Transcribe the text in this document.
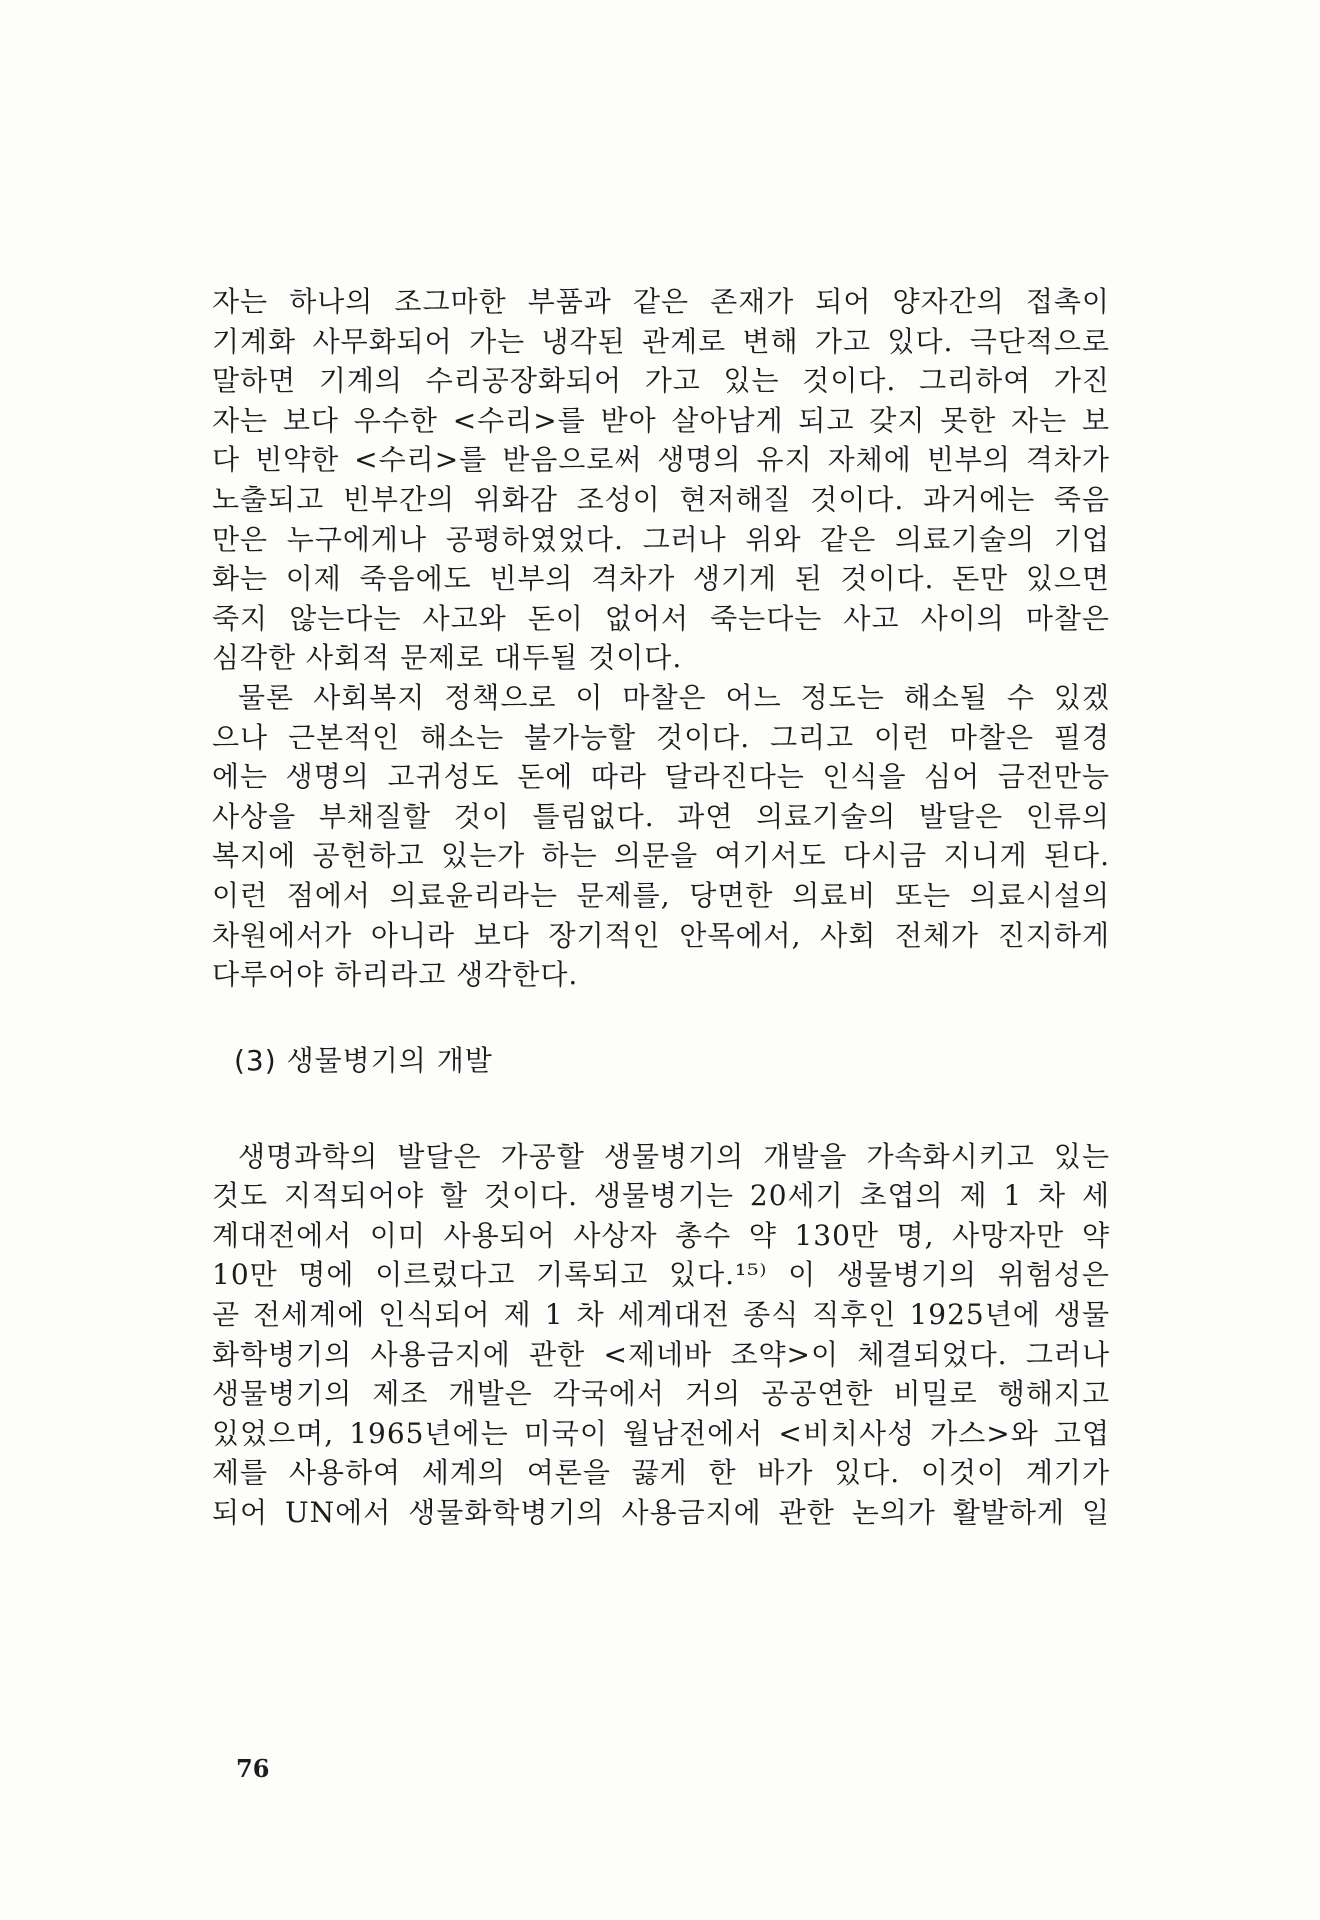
자는 하나의 조그마한 부품과 같은 존재가 되어 양자간의 접촉이
기계화 사무화되어 가는 냉각된 관계로 변해 가고 있다. 극단적으로
말하면 기계의 수리공장화되어 가고 있는 것이다. 그리하여 가진
자는 보다 우수한 <수리>를 받아 살아남게 되고 갖지 못한 자는 보
다 빈약한 <수리>를 받음으로써 생명의 유지 자체에 빈부의 격차가
노출되고 빈부간의 위화감 조성이 현저해질 것이다. 과거에는 죽음
만은 누구에게나 공평하였었다. 그러나 위와 같은 의료기술의 기업
화는 이제 죽음에도 빈부의 격차가 생기게 된 것이다. 돈만 있으면
죽지 않는다는 사고와 돈이 없어서 죽는다는 사고 사이의 마찰은
심각한 사회적 문제로 대두될 것이다.
물론 사회복지 정책으로 이 마찰은 어느 정도는 해소될 수 있겠
으나 근본적인 해소는 불가능할 것이다. 그리고 이런 마찰은 필경
에는 생명의 고귀성도 돈에 따라 달라진다는 인식을 심어 금전만능
사상을 부채질할 것이 틀림없다. 과연 의료기술의 발달은 인류의
복지에 공헌하고 있는가 하는 의문을 여기서도 다시금 지니게 된다.
이런 점에서 의료윤리라는 문제를, 당면한 의료비 또는 의료시설의
차원에서가 아니라 보다 장기적인 안목에서, 사회 전체가 진지하게
다루어야 하리라고 생각한다.
(3) 생물병기의 개발
생명과학의 발달은 가공할 생물병기의 개발을 가속화시키고 있는
것도 지적되어야 할 것이다. 생물병기는 20세기 초엽의 제 1 차 세
계대전에서 이미 사용되어 사상자 총수 약 130만 명, 사망자만 약
10만 명에 이르렀다고 기록되고 있다.¹⁵⁾ 이 생물병기의 위험성은
곧 전세계에 인식되어 제 1 차 세계대전 종식 직후인 1925년에 생물
화학병기의 사용금지에 관한 <제네바 조약>이 체결되었다. 그러나
생물병기의 제조 개발은 각국에서 거의 공공연한 비밀로 행해지고
있었으며, 1965년에는 미국이 월남전에서 <비치사성 가스>와 고엽
제를 사용하여 세계의 여론을 끓게 한 바가 있다. 이것이 계기가
되어 UN에서 생물화학병기의 사용금지에 관한 논의가 활발하게 일
76
